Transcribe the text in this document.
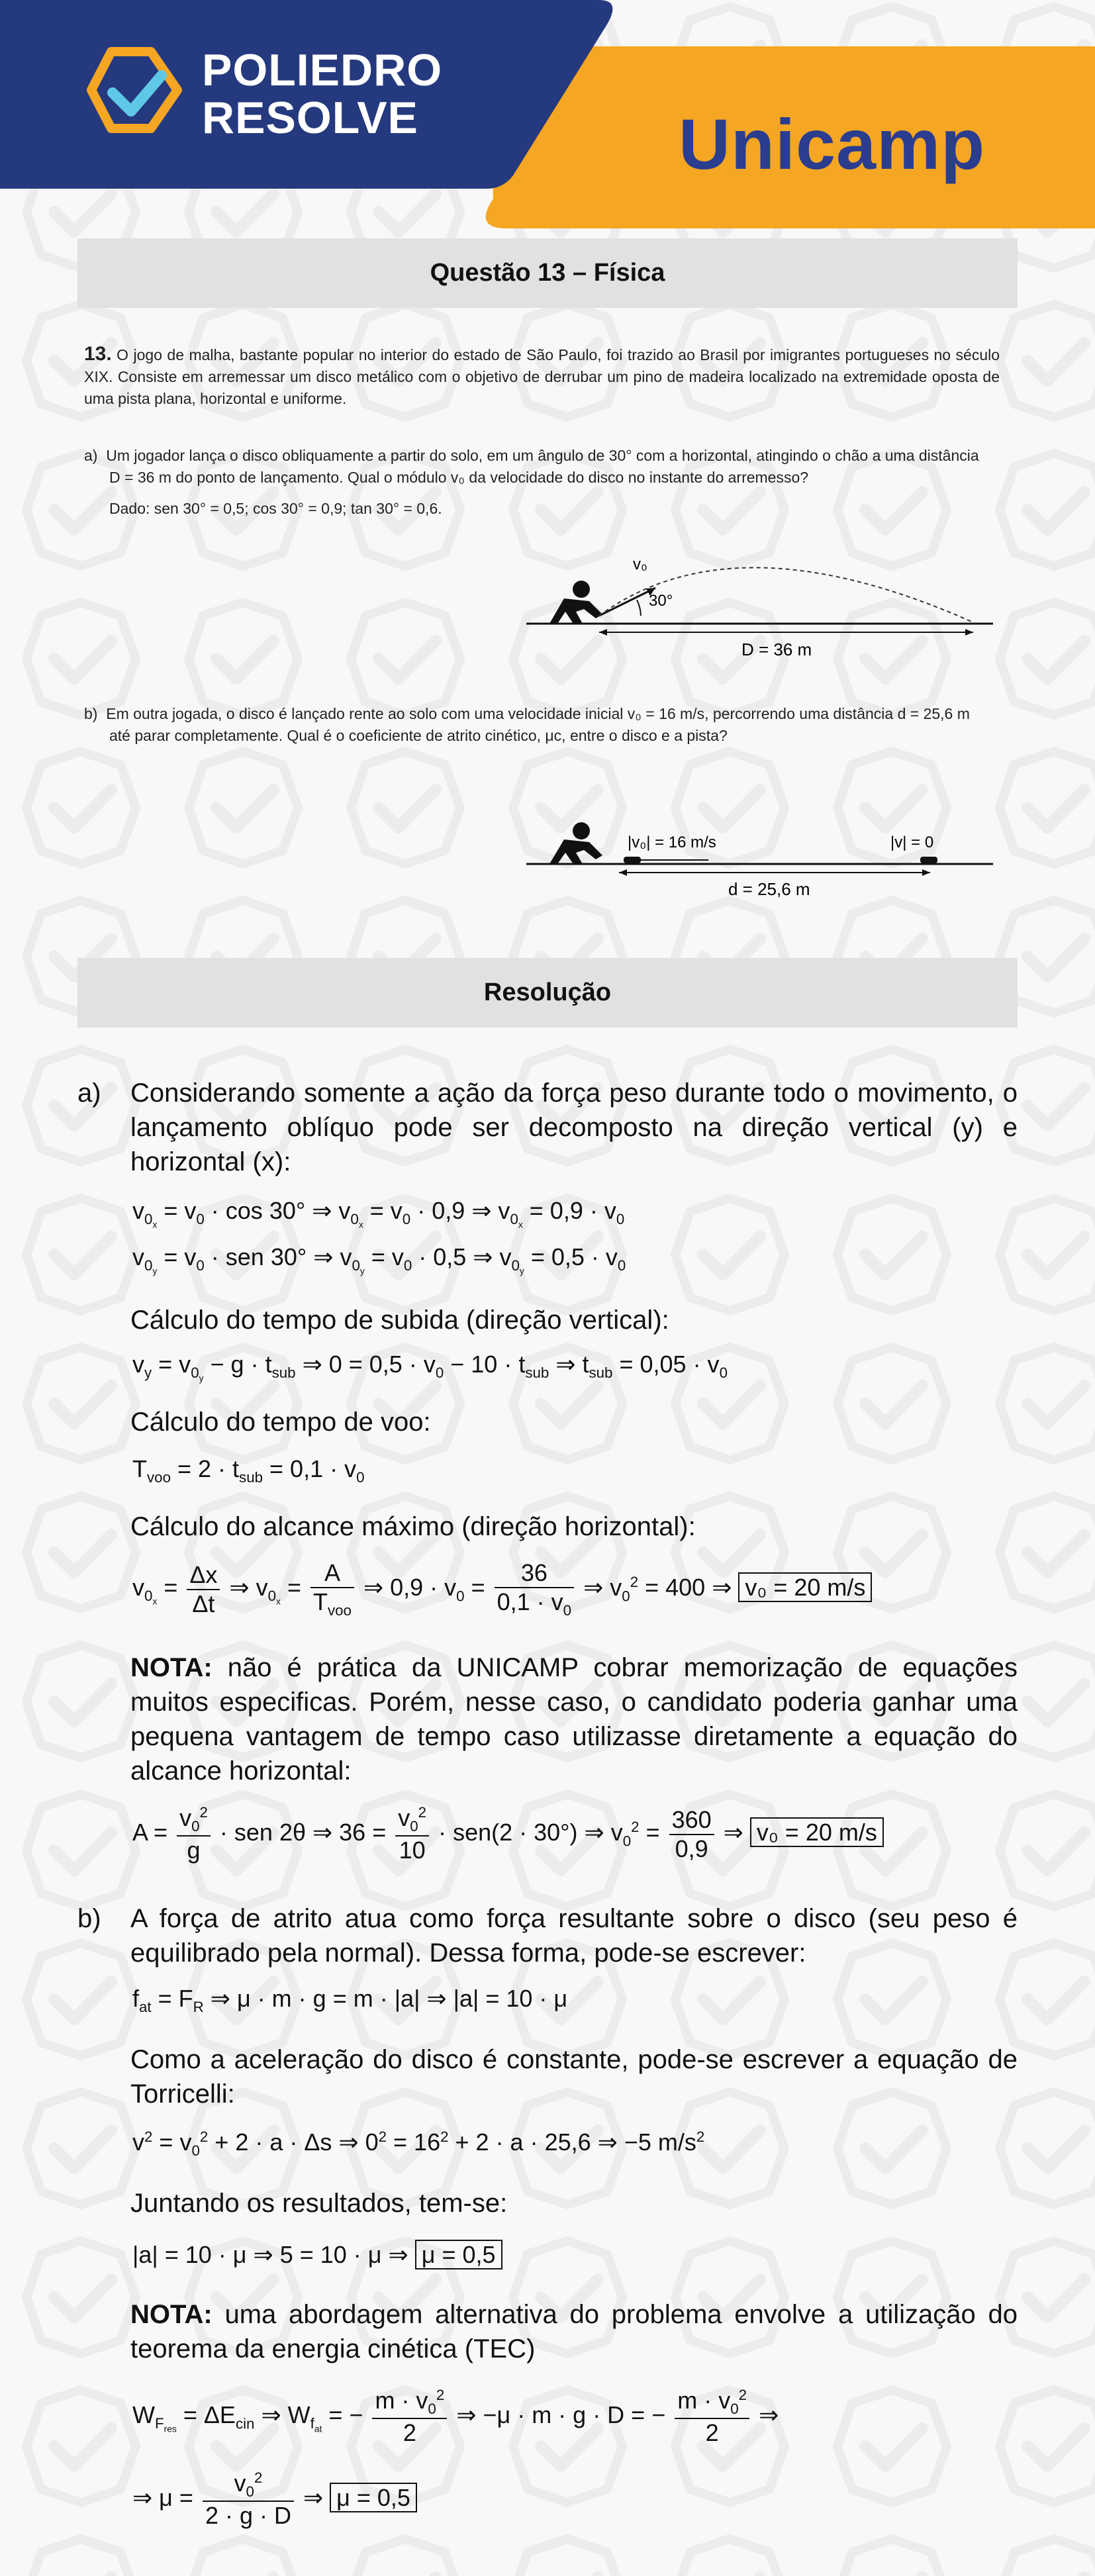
POLIEDRO
RESOLVE	Unicamp
Questão 13 – Física
13. O jogo de malha, bastante popular no interior do estado de São Paulo, foi trazido ao Brasil por imigrantes portugueses no século XIX. Consiste em arremessar um disco metálico com o objetivo de derrubar um pino de madeira localizado na extremidade oposta de uma pista plana, horizontal e uniforme.
a) Um jogador lança o disco obliquamente a partir do solo, em um ângulo de 30° com a horizontal, atingindo o chão a uma distância
D = 36 m do ponto de lançamento. Qual o módulo v₀ da velocidade do disco no instante do arremesso?
Dado: sen 30° = 0,5; cos 30° = 0,9; tan 30° = 0,6.
30°
v₀
D = 36 m
b) Em outra jogada, o disco é lançado rente ao solo com uma velocidade inicial v₀ = 16 m/s, percorrendo uma distância d = 25,6 m
até parar completamente. Qual é o coeficiente de atrito cinético, μc, entre o disco e a pista?
|v₀| = 16 m/s	|v| = 0
d = 25,6 m
Resolução
a)	Considerando somente a ação da força peso durante todo o movimento, o lançamento oblíquo pode ser decomposto na direção vertical (y) e horizontal (x):
$v_{0_x} = v_0 \cdot \cos 30^\circ$ ⇒ $v_{0_x} = v_0 \cdot 0,9$ ⇒ $v_{0_x} = 0,9 \cdot v_0$
$v_{0_y} = v_0$ · sen 30° ⇒ $v_{0_y} = v_0 \cdot 0,5$ ⇒ $v_{0_y} = 0,5 \cdot v_0$
Cálculo do tempo de subida (direção vertical):
$v_y = v_{0_y} - g \cdot t_{sub}$ ⇒ $0 = 0,5 \cdot v_0 - 10 \cdot t_{sub}$ ⇒ $t_{sub} = 0,05 \cdot v_0$
Cálculo do tempo de voo:
$T_{voo} = 2 \cdot t_{sub} = 0,1 \cdot v_0$
Cálculo do alcance máximo (direção horizontal):
$v_{0_x} = \frac{\Delta x}{\Delta t}$ ⇒ $v_{0_x} = \frac{A}{T_{voo}}$ ⇒ $0,9 \cdot v_0 = \frac{36}{0,1 \cdot v_0}$ ⇒ $v_0^2 = 400$ ⇒ v₀ = 20 m/s
NOTA: não é prática da UNICAMP cobrar memorização de equações muitos especificas. Porém, nesse caso, o candidato poderia ganhar uma pequena vantagem de tempo caso utilizasse diretamente a equação do alcance horizontal:
$A = \frac{v_0^2}{g}$ · sen 2θ ⇒ $36 = \frac{v_0^2}{10} \cdot sen(2 \cdot 30^\circ)$ ⇒ $v_0^2 = \frac{360}{0,9}$ ⇒ v₀ = 20 m/s
b)	A força de atrito atua como força resultante sobre o disco (seu peso é equilibrado pela normal). Dessa forma, pode-se escrever:
$f_{at} = F_R$ ⇒ μ · m · g = m · |a| ⇒ |a| = 10 · μ
Como a aceleração do disco é constante, pode-se escrever a equação de Torricelli:
$v^2 = v_0^2 + 2 \cdot a \cdot \Delta s$ ⇒ $0^2 = 16^2 + 2 \cdot a \cdot 25,6$ ⇒ −5 $m/s^2$
Juntando os resultados, tem-se:
|a| = 10 · μ ⇒ 5 = 10 · μ ⇒ μ = 0,5
NOTA: uma abordagem alternativa do problema envolve a utilização do teorema da energia cinética (TEC)
$W_{F_{res}} = \Delta E_{cin}$ ⇒ $W_{f_{at}}$ = − $\frac{m \cdot v_0^2}{2}$ ⇒ −μ · m · g · D = − $\frac{m \cdot v_0^2}{2}$ ⇒
⇒ $\mu = \frac{v_0^2}{2 \cdot g \cdot D}$ ⇒ μ = 0,5
